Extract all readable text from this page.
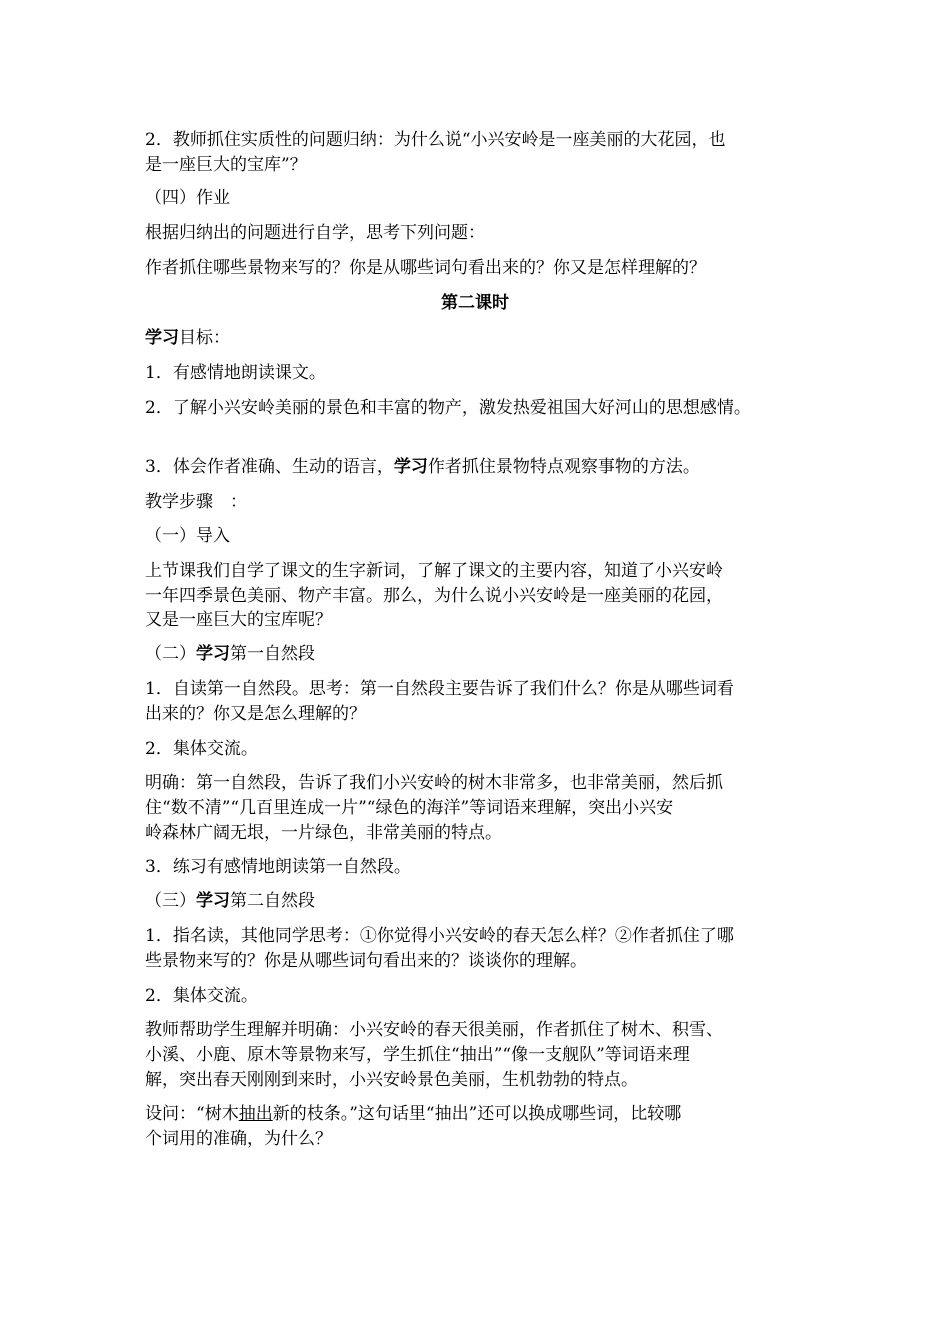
2．教师抓住实质性的问题归纳：为什么说“小兴安岭是一座美丽的大花园，也
是一座巨大的宝库”？
（四）作业
根据归纳出的问题进行自学，思考下列问题：
作者抓住哪些景物来写的？你是从哪些词句看出来的？你又是怎样理解的？
第二课时
学习目标：
1．有感情地朗读课文。
2．了解小兴安岭美丽的景色和丰富的物产，激发热爱祖国大好河山的思想感情。
3．体会作者准确、生动的语言，学习作者抓住景物特点观察事物的方法。
教学步骤　：
（一）导入
上节课我们自学了课文的生字新词，了解了课文的主要内容，知道了小兴安岭
一年四季景色美丽、物产丰富。那么，为什么说小兴安岭是一座美丽的花园，
又是一座巨大的宝库呢？
（二）学习第一自然段
1．自读第一自然段。思考：第一自然段主要告诉了我们什么？你是从哪些词看
出来的？你又是怎么理解的？
2．集体交流。
明确：第一自然段，告诉了我们小兴安岭的树木非常多，也非常美丽，然后抓
住“数不清”“几百里连成一片”“绿色的海洋”等词语来理解，突出小兴安
岭森林广阔无垠，一片绿色，非常美丽的特点。
3．练习有感情地朗读第一自然段。
（三）学习第二自然段
1．指名读，其他同学思考：①你觉得小兴安岭的春天怎么样？②作者抓住了哪
些景物来写的？你是从哪些词句看出来的？谈谈你的理解。
2．集体交流。
教师帮助学生理解并明确：小兴安岭的春天很美丽，作者抓住了树木、积雪、
小溪、小鹿、原木等景物来写，学生抓住“抽出”“像一支舰队”等词语来理
解，突出春天刚刚到来时，小兴安岭景色美丽，生机勃勃的特点。
设问：“树木抽出新的枝条。”这句话里“抽出”还可以换成哪些词，比较哪
个词用的准确，为什么？
